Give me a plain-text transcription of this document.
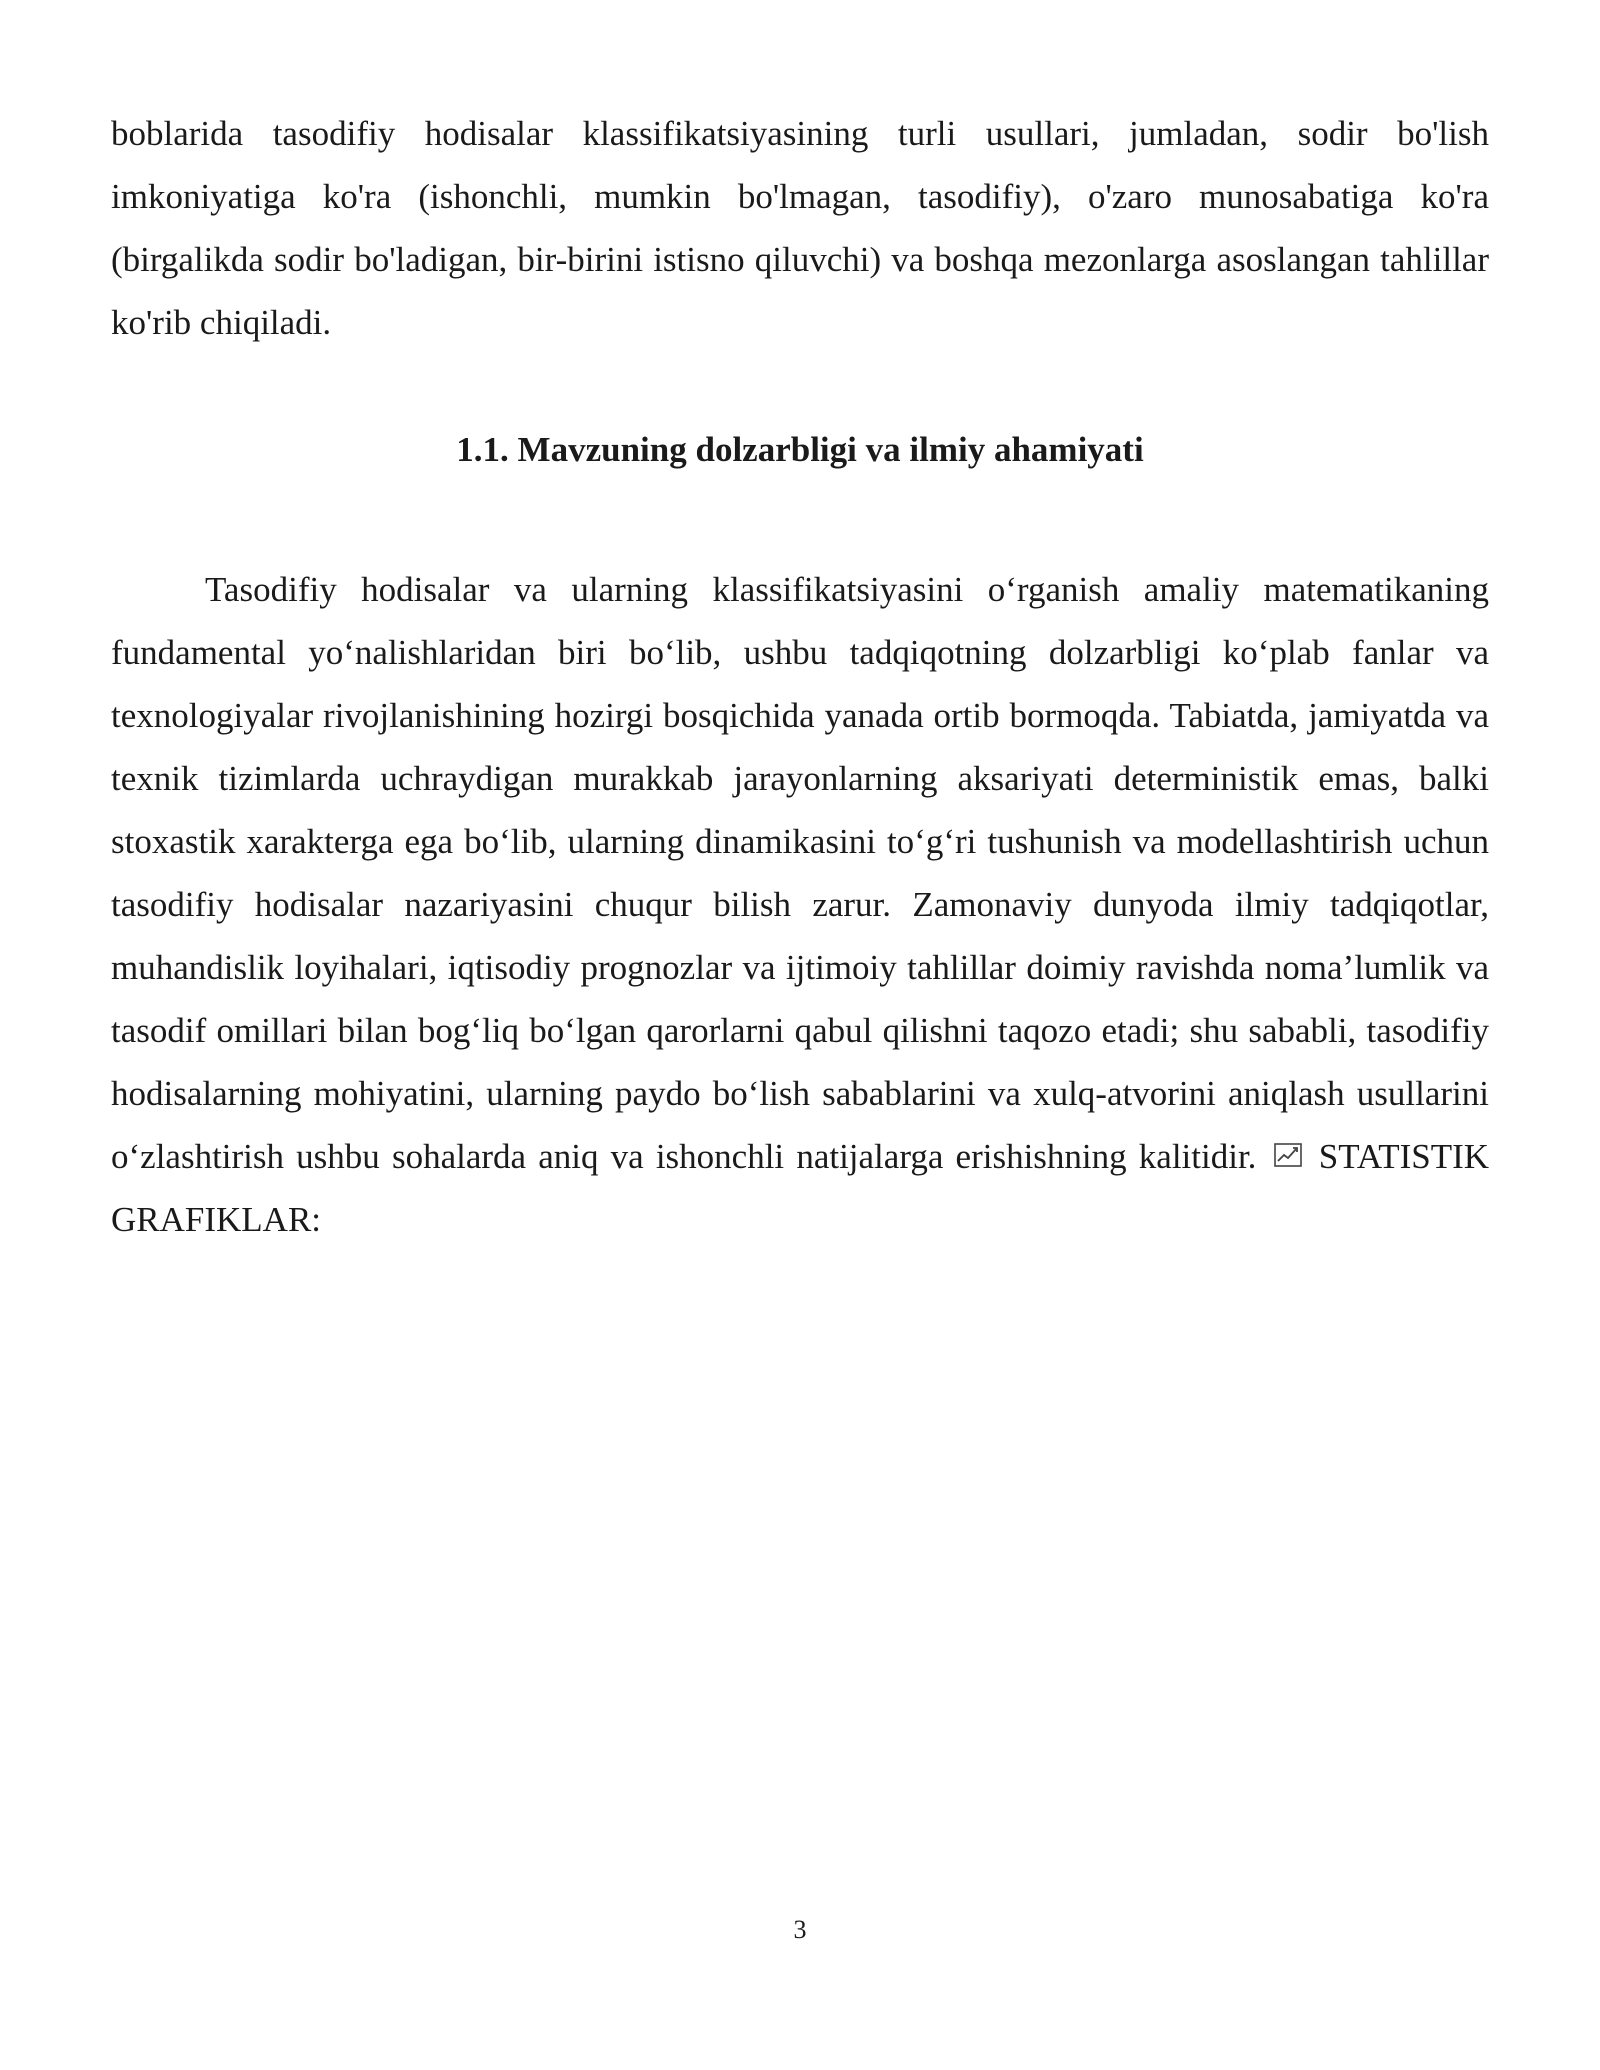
boblarida tasodifiy hodisalar klassifikatsiyasining turli usullari, jumladan, sodir bo'lish imkoniyatiga ko'ra (ishonchli, mumkin bo'lmagan, tasodifiy), o'zaro munosabatiga ko'ra (birgalikda sodir bo'ladigan, bir-birini istisno qiluvchi) va boshqa mezonlarga asoslangan tahlillar ko'rib chiqiladi.

1.1. Mavzuning dolzarbligi va ilmiy ahamiyati

Tasodifiy hodisalar va ularning klassifikatsiyasini o‘rganish amaliy matematikaning fundamental yo‘nalishlaridan biri bo‘lib, ushbu tadqiqotning dolzarbligi ko‘plab fanlar va texnologiyalar rivojlanishining hozirgi bosqichida yanada ortib bormoqda. Tabiatda, jamiyatda va texnik tizimlarda uchraydigan murakkab jarayonlarning aksariyati deterministik emas, balki stoxastik xarakterga ega bo‘lib, ularning dinamikasini to‘g‘ri tushunish va modellashtirish uchun tasodifiy hodisalar nazariyasini chuqur bilish zarur. Zamonaviy dunyoda ilmiy tadqiqotlar, muhandislik loyihalari, iqtisodiy prognozlar va ijtimoiy tahlillar doimiy ravishda noma’lumlik va tasodif omillari bilan bog‘liq bo‘lgan qarorlarni qabul qilishni taqozo etadi; shu sababli, tasodifiy hodisalarning mohiyatini, ularning paydo bo‘lish sabablarini va xulq-atvorini aniqlash usullarini o‘zlashtirish ushbu sohalarda aniq va ishonchli natijalarga erishishning kalitidir. STATISTIK GRAFIKLAR:

3
